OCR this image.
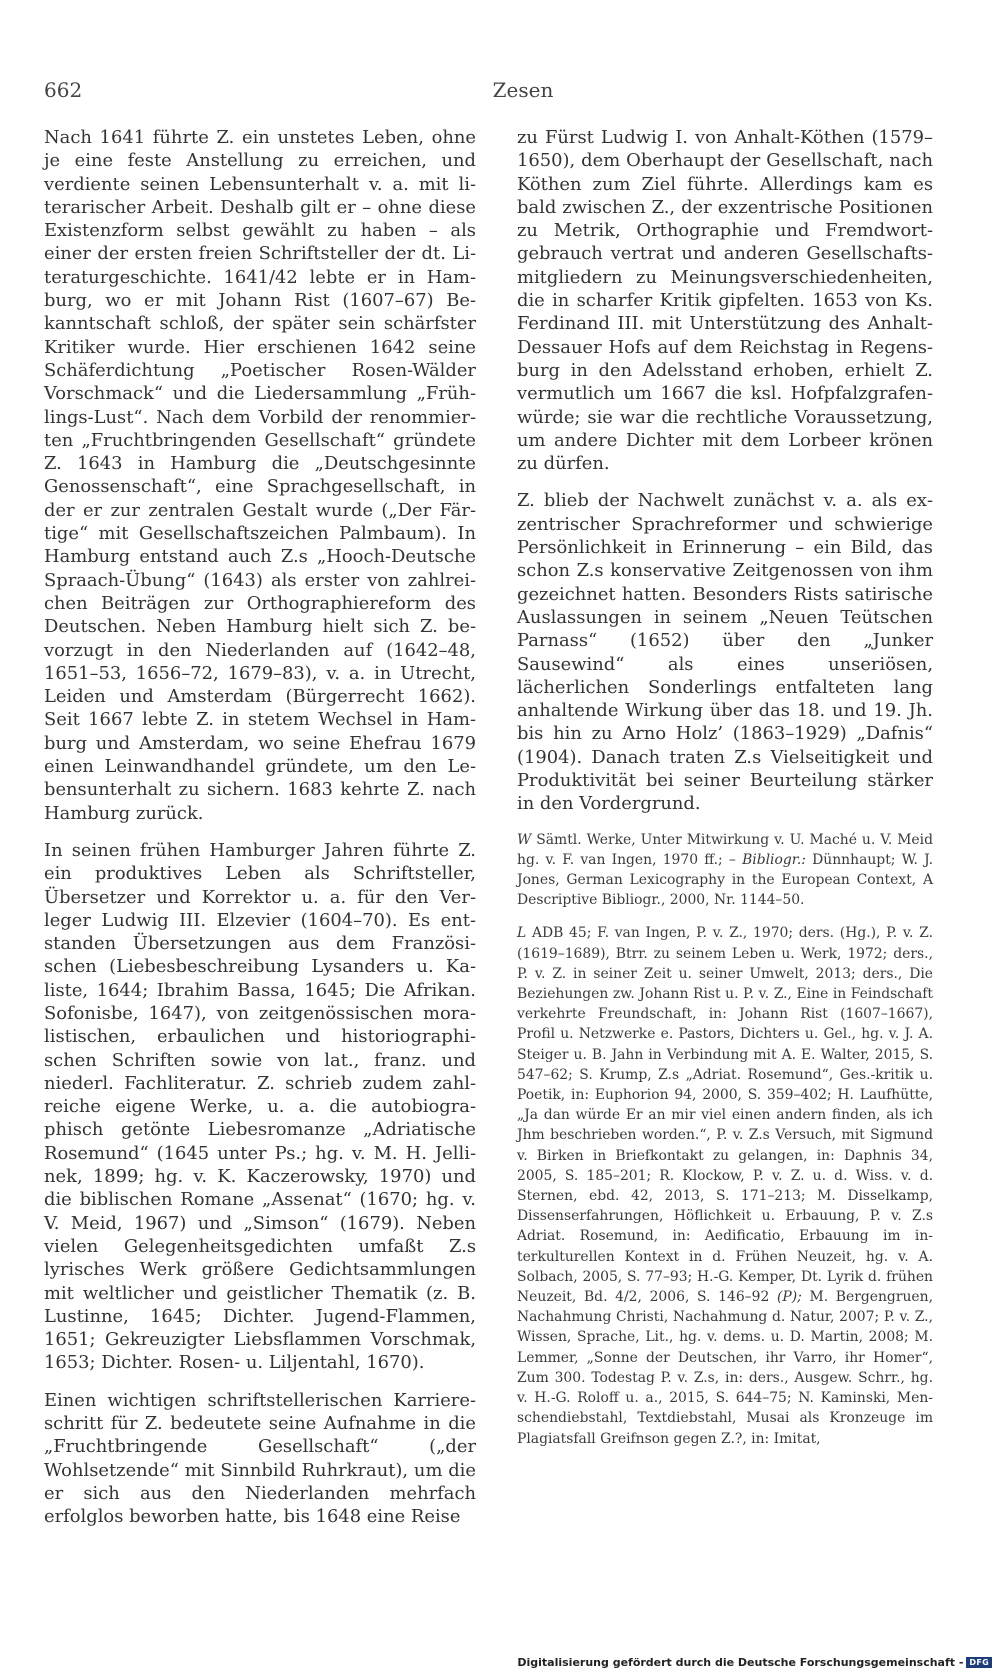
662	Zesen

Nach 1641 führte Z. ein unstetes Leben, ohne je eine feste Anstellung zu erreichen, und verdiente seinen Lebensunterhalt v. a. mit literarischer Arbeit. Deshalb gilt er – ohne diese Existenzform selbst gewählt zu haben – als einer der ersten freien Schriftsteller der dt. Literaturgeschichte. 1641/42 lebte er in Hamburg, wo er mit Johann Rist (1607–67) Bekanntschaft schloß, der später sein schärfster Kritiker wurde. Hier erschienen 1642 seine Schäferdichtung „Poetischer Rosen-Wälder Vorschmack“ und die Liedersammlung „Frühlings-Lust“. Nach dem Vorbild der renommierten „Fruchtbringenden Gesellschaft“ gründete Z. 1643 in Hamburg die „Deutschgesinnte Genossenschaft“, eine Sprachgesellschaft, in der er zur zentralen Gestalt wurde („Der Färtige“ mit Gesellschaftszeichen Palmbaum). In Hamburg entstand auch Z.s „Hooch-Deutsche Spraach-Übung“ (1643) als erster von zahlreichen Beiträgen zur Orthographiereform des Deutschen. Neben Hamburg hielt sich Z. bevorzugt in den Niederlanden auf (1642–48, 1651–53, 1656–72, 1679–83), v. a. in Utrecht, Leiden und Amsterdam (Bürgerrecht 1662). Seit 1667 lebte Z. in stetem Wechsel in Hamburg und Amsterdam, wo seine Ehefrau 1679 einen Leinwandhandel gründete, um den Lebensunterhalt zu sichern. 1683 kehrte Z. nach Hamburg zurück.

In seinen frühen Hamburger Jahren führte Z. ein produktives Leben als Schriftsteller, Übersetzer und Korrektor u. a. für den Verleger Ludwig III. Elzevier (1604–70). Es entstanden Übersetzungen aus dem Französischen (Liebesbeschreibung Lysanders u. Kaliste, 1644; Ibrahim Bassa, 1645; Die Afrikan. Sofonisbe, 1647), von zeitgenössischen moralistischen, erbaulichen und historiographischen Schriften sowie von lat., franz. und niederl. Fachliteratur. Z. schrieb zudem zahlreiche eigene Werke, u. a. die autobiographisch getönte Liebesromanze „Adriatische Rosemund“ (1645 unter Ps.; hg. v. M. H. Jellinek, 1899; hg. v. K. Kaczerowsky, 1970) und die biblischen Romane „Assenat“ (1670; hg. v. V. Meid, 1967) und „Simson“ (1679). Neben vielen Gelegenheitsgedichten umfaßt Z.s lyrisches Werk größere Gedichtsammlungen mit weltlicher und geistlicher Thematik (z. B. Lustinne, 1645; Dichter. Jugend-Flammen, 1651; Gekreuzigter Liebsflammen Vorschmak, 1653; Dichter. Rosen- u. Liljentahl, 1670).

Einen wichtigen schriftstellerischen Karriereschritt für Z. bedeutete seine Aufnahme in die „Fruchtbringende Gesellschaft“ („der Wohlsetzende“ mit Sinnbild Ruhrkraut), um die er sich aus den Niederlanden mehrfach erfolglos beworben hatte, bis 1648 eine Reise

zu Fürst Ludwig I. von Anhalt-Köthen (1579–1650), dem Oberhaupt der Gesellschaft, nach Köthen zum Ziel führte. Allerdings kam es bald zwischen Z., der exzentrische Positionen zu Metrik, Orthographie und Fremdwortgebrauch vertrat und anderen Gesellschaftsmitgliedern zu Meinungsverschiedenheiten, die in scharfer Kritik gipfelten. 1653 von Ks. Ferdinand III. mit Unterstützung des Anhalt-Dessauer Hofs auf dem Reichstag in Regensburg in den Adelsstand erhoben, erhielt Z. vermutlich um 1667 die ksl. Hofpfalzgrafenwürde; sie war die rechtliche Voraussetzung, um andere Dichter mit dem Lorbeer krönen zu dürfen.

Z. blieb der Nachwelt zunächst v. a. als exzentrischer Sprachreformer und schwierige Persönlichkeit in Erinnerung – ein Bild, das schon Z.s konservative Zeitgenossen von ihm gezeichnet hatten. Besonders Rists satirische Auslassungen in seinem „Neuen Teütschen Parnass“ (1652) über den „Junker Sausewind“ als eines unseriösen, lächerlichen Sonderlings entfalteten lang anhaltende Wirkung über das 18. und 19. Jh. bis hin zu Arno Holz’ (1863–1929) „Dafnis“ (1904). Danach traten Z.s Vielseitigkeit und Produktivität bei seiner Beurteilung stärker in den Vordergrund.

W Sämtl. Werke, Unter Mitwirkung v. U. Maché u. V. Meid hg. v. F. van Ingen, 1970 ff.; – Bibliogr.: Dünnhaupt; W. J. Jones, German Lexicography in the European Context, A Descriptive Bibliogr., 2000, Nr. 1144–50.

L ADB 45; F. van Ingen, P. v. Z., 1970; ders. (Hg.), P. v. Z. (1619–1689), Btrr. zu seinem Leben u. Werk, 1972; ders., P. v. Z. in seiner Zeit u. seiner Umwelt, 2013; ders., Die Beziehungen zw. Johann Rist u. P. v. Z., Eine in Feindschaft verkehrte Freundschaft, in: Johann Rist (1607–1667), Profil u. Netzwerke e. Pastors, Dichters u. Gel., hg. v. J. A. Steiger u. B. Jahn in Verbindung mit A. E. Walter, 2015, S. 547–62; S. Krump, Z.s „Adriat. Rosemund“, Ges.-kritik u. Poetik, in: Euphorion 94, 2000, S. 359–402; H. Laufhütte, „Ja dan würde Er an mir viel einen andern finden, als ich Jhm beschrieben worden.“, P. v. Z.s Versuch, mit Sigmund v. Birken in Briefkontakt zu gelangen, in: Daphnis 34, 2005, S. 185–201; R. Klockow, P. v. Z. u. d. Wiss. v. d. Sternen, ebd. 42, 2013, S. 171–213; M. Disselkamp, Dissenserfahrungen, Höflichkeit u. Erbauung, P. v. Z.s Adriat. Rosemund, in: Aedificatio, Erbauung im interkulturellen Kontext in d. Frühen Neuzeit, hg. v. A. Solbach, 2005, S. 77–93; H.-G. Kemper, Dt. Lyrik d. frühen Neuzeit, Bd. 4/2, 2006, S. 146–92 (P); M. Bergengruen, Nachahmung Christi, Nachahmung d. Natur, 2007; P. v. Z., Wissen, Sprache, Lit., hg. v. dems. u. D. Martin, 2008; M. Lemmer, „Sonne der Deutschen, ihr Varro, ihr Homer“, Zum 300. Todestag P. v. Z.s, in: ders., Ausgew. Schrr., hg. v. H.-G. Roloff u. a., 2015, S. 644–75; N. Kaminski, Menschendiebstahl, Textdiebstahl, Musai als Kronzeuge im Plagiatsfall Greifnson gegen Z.?, in: Imitat,

Digitalisierung gefördert durch die Deutsche Forschungsgemeinschaft - DFG
